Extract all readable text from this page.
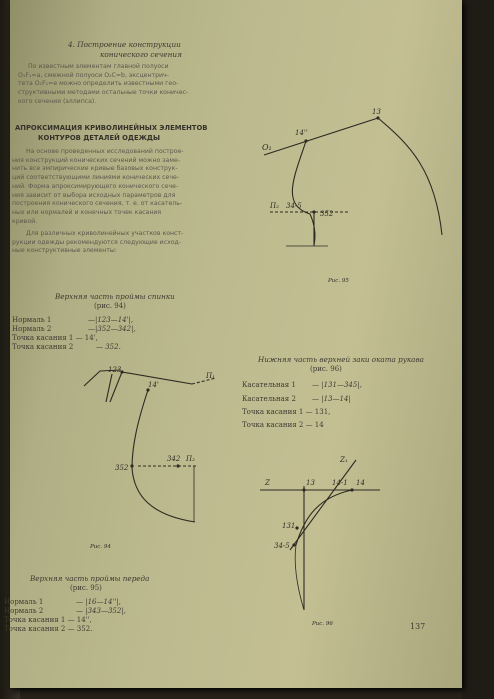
4. Построение конструкции
конического сечения
По известным элементам главной полуоси
O₁F₁=a, смежной полуоси O₂C=b, эксцентрич-
тета O₁F₁=e можно определить известными гео-
структивными методами остальные точки коничес-
кого сечения (эллипса).
АПРОКСИМАЦИЯ КРИВОЛИНЕЙНЫХ ЭЛЕМЕНТОВ
КОНТУРОВ ДЕТАЛЕЙ ОДЕЖДЫ
На основе проведенных исследований построе-
ния конструкций конических сечений можно заме-
нить все эмпирические кривые базовых конструк-
ций соответствующими линиями конических сече-
ний. Форма апроксимирующего конического сече-
ния зависит от выбора исходных параметров для
построения конического сечения, т. е. от касатель-
ных или нормалей и конечных точек касания
кривой.
Для различных криволинейных участков конст-
рукции одежды рекомендуются следующие исход-
ные конструктивные элементы:
Верхняя часть проймы спинки
(рис. 94)
Нормаль 1	—|123—14'|,
Нормаль 2	—|352—342|,
Точка касания 1 — 14',
Точка касания 2	— 352.
Нижняя часть верхней заки оката рукава
(рис. 96)
Касательная 1 — |131—345|,
Касательная 2 — |13—14|
Точка касания 1 — 131,
Точка касания 2 — 14
Верхняя часть проймы переда
(рис. 95)
Нормаль 1	— |16—14''|,
Нормаль 2	— |343—352|,
Точка касания 1 — 14'',
Точка касания 2 — 352.	137
O₁
14''
13
П₂ 34-5
352
Рис. 95
123
14'
П₁
352
342 П₂
Рис. 94
Z
Z₁
13	14
14-1
131
34-5
Рис. 96
